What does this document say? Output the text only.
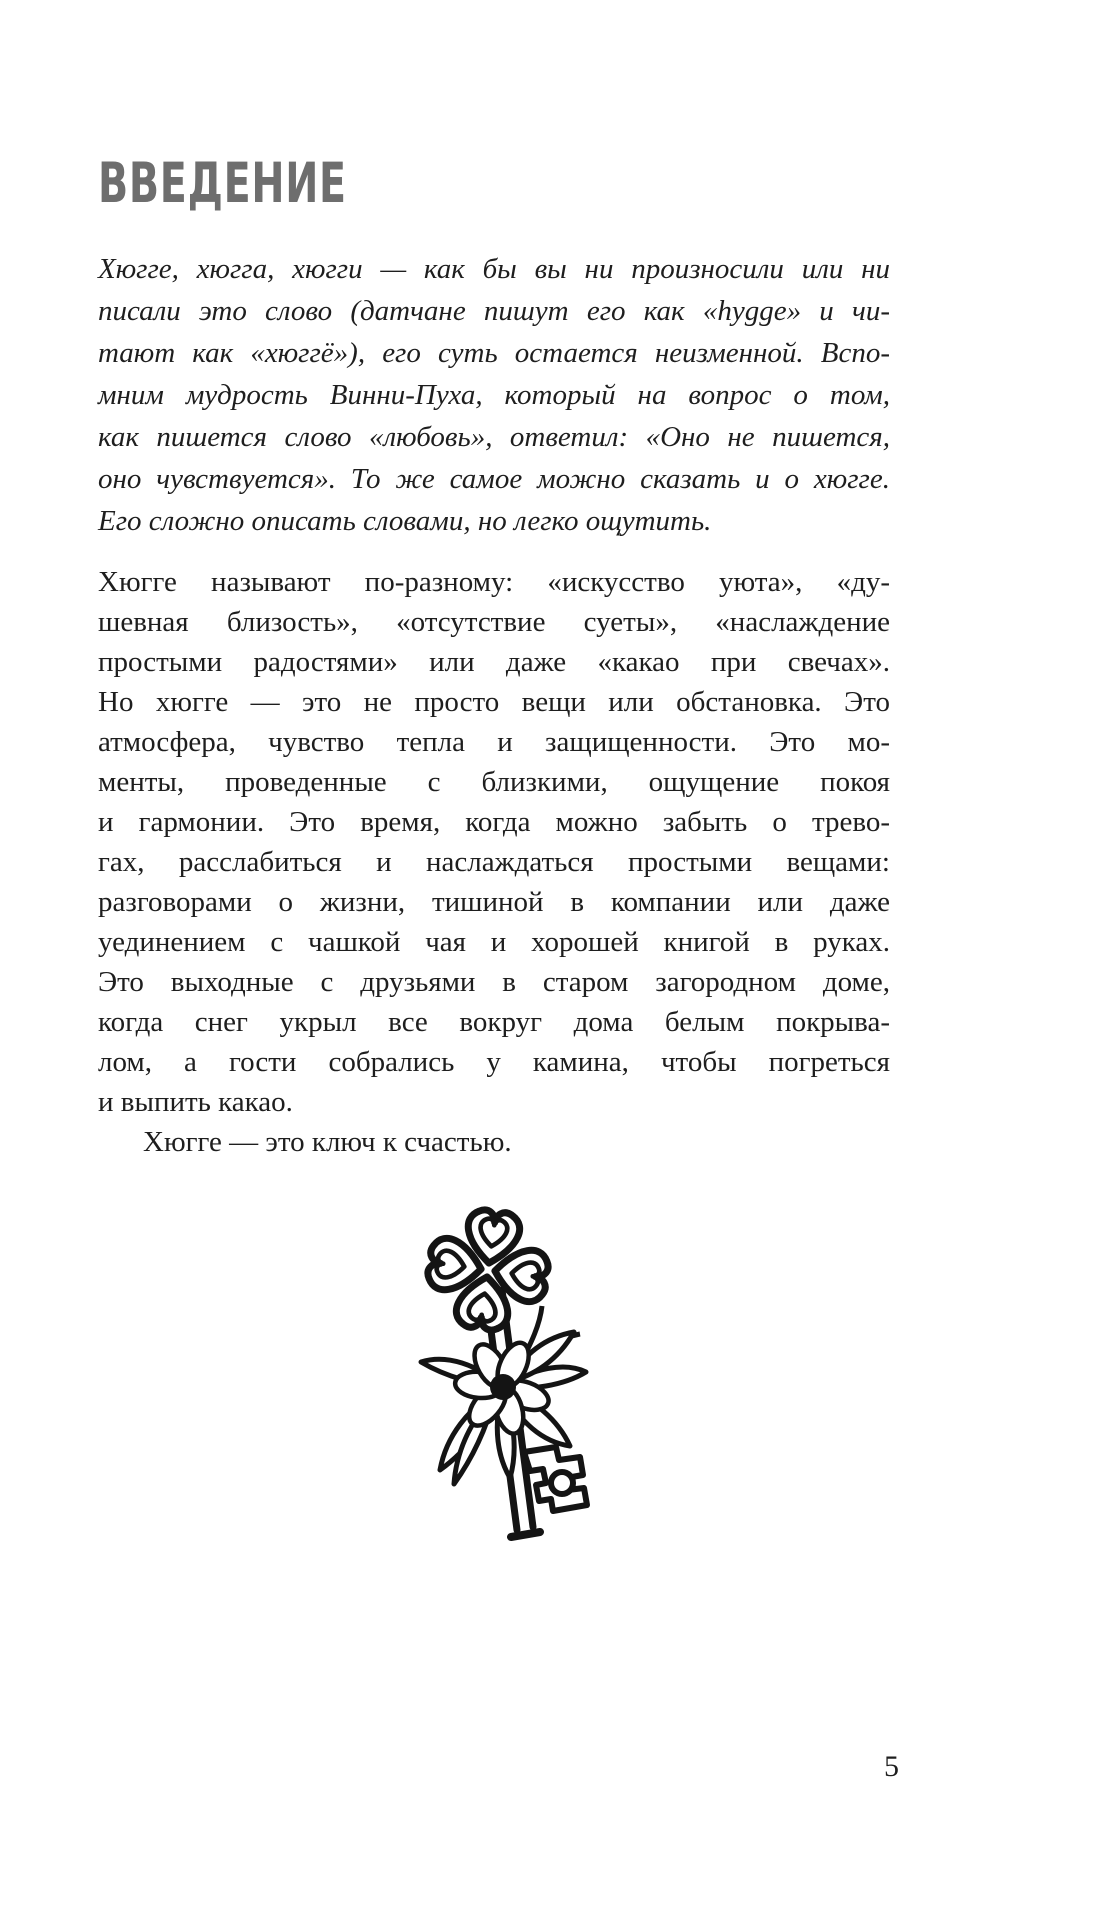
ВВЕДЕНИЕ
Хюгге, хюгга, хюгги — как бы вы ни произносили или ни
писали это слово (датчане пишут его как «hygge» и чи-
тают как «хюггё»), его суть остается неизменной. Вспо-
мним мудрость Винни-Пуха, который на вопрос о том,
как пишется слово «любовь», ответил: «Оно не пишется,
оно чувствуется». То же самое можно сказать и о хюгге.
Его сложно описать словами, но легко ощутить.
Хюгге называют по-разному: «искусство уюта», «ду-
шевная близость», «отсутствие суеты», «наслаждение
простыми радостями» или даже «какао при свечах».
Но хюгге — это не просто вещи или обстановка. Это
атмосфера, чувство тепла и защищенности. Это мо-
менты, проведенные с близкими, ощущение покоя
и гармонии. Это время, когда можно забыть о трево-
гах, расслабиться и наслаждаться простыми вещами:
разговорами о жизни, тишиной в компании или даже
уединением с чашкой чая и хорошей книгой в руках.
Это выходные с друзьями в старом загородном доме,
когда снег укрыл все вокруг дома белым покрыва-
лом, а гости собрались у камина, чтобы погреться
и выпить какао.
Хюгге — это ключ к счастью.
5
